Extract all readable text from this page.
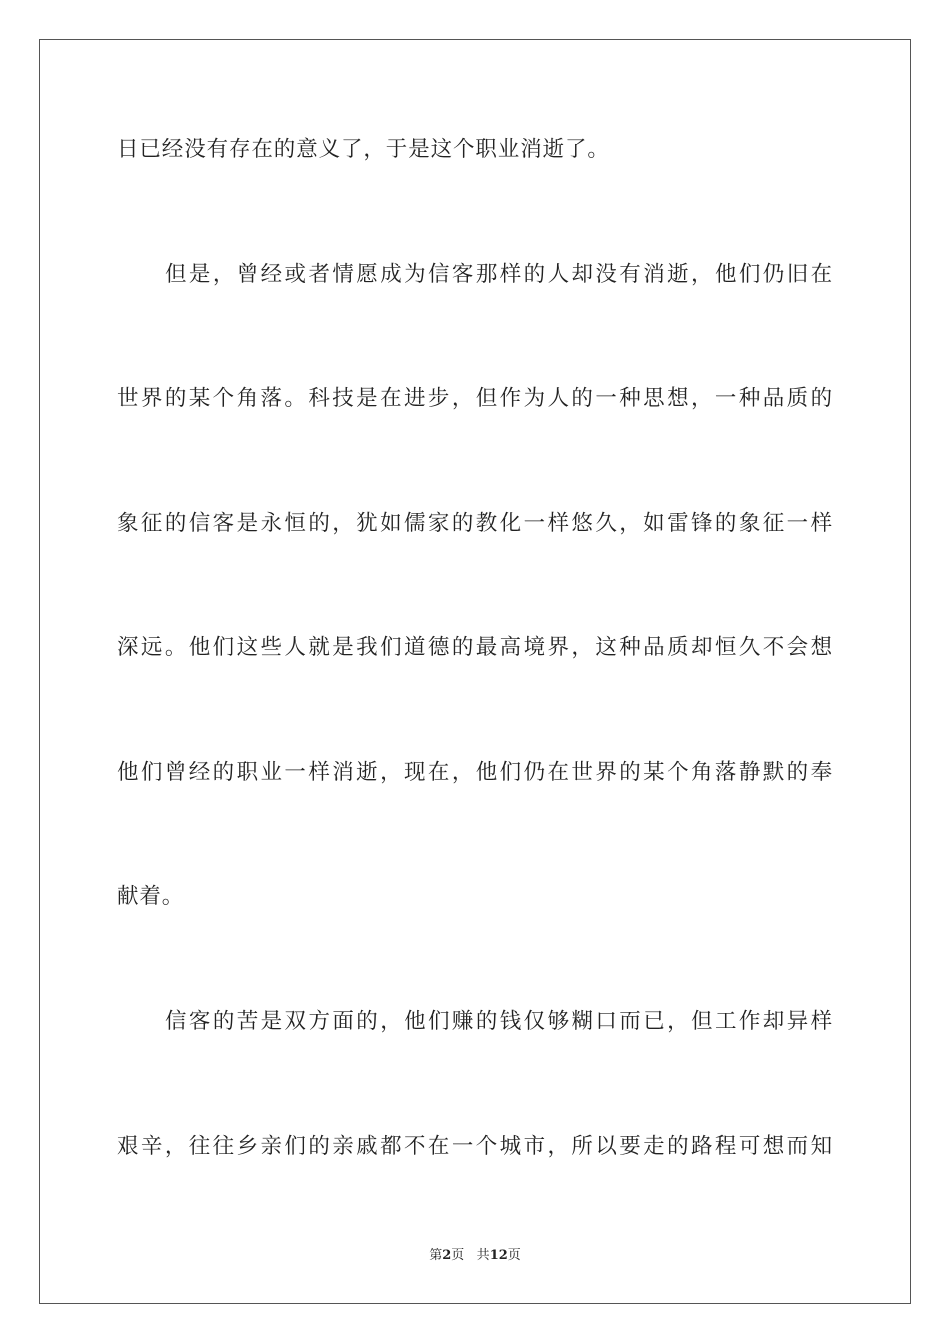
日已经没有存在的意义了，于是这个职业消逝了。
但是，曾经或者情愿成为信客那样的人却没有消逝，他们仍旧在
世界的某个角落。科技是在进步，但作为人的一种思想，一种品质的
象征的信客是永恒的，犹如儒家的教化一样悠久，如雷锋的象征一样
深远。他们这些人就是我们道德的最高境界，这种品质却恒久不会想
他们曾经的职业一样消逝，现在，他们仍在世界的某个角落静默的奉
献着。
信客的苦是双方面的，他们赚的钱仅够糊口而已，但工作却异样
艰辛，往往乡亲们的亲戚都不在一个城市，所以要走的路程可想而知
第2页 共12页
